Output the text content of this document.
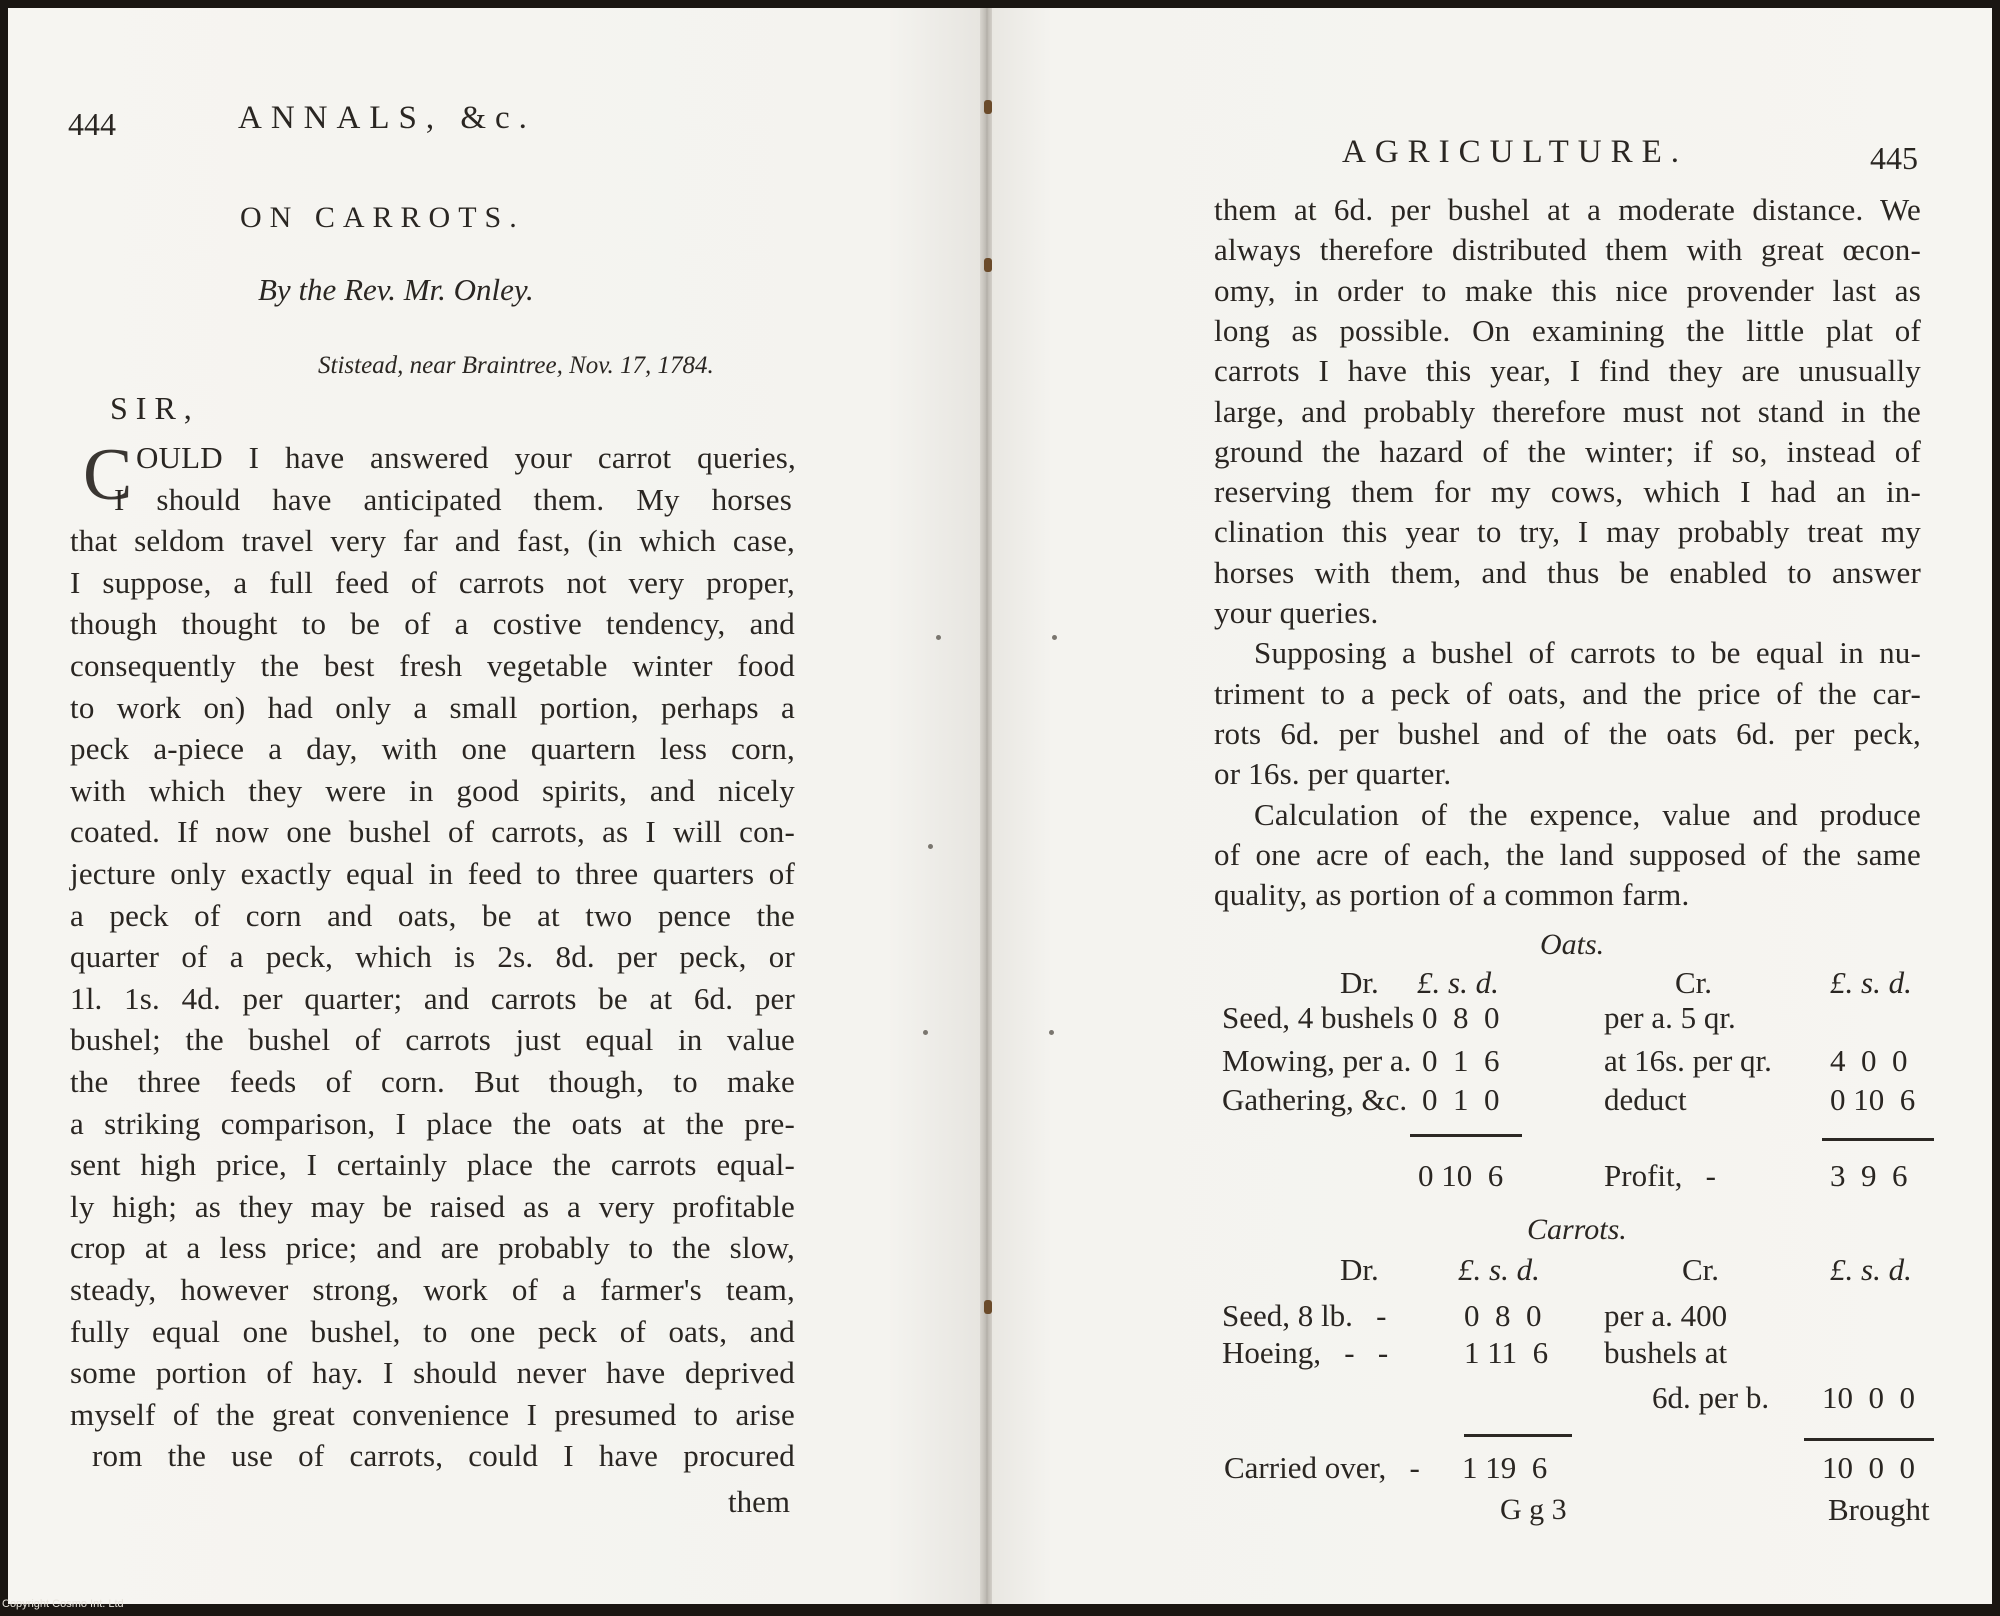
444	ANNALS, &c.
ON CARROTS.
By the Rev. Mr. Onley.
Stistead, near Braintree, Nov. 17, 1784.
SIR,
C OULD I have answered your carrot queries,
I should have anticipated them. My horses
that seldom travel very far and fast, (in which case,
I suppose, a full feed of carrots not very proper,
though thought to be of a costive tendency, and
consequently the best fresh vegetable winter food
to work on) had only a small portion, perhaps a
peck a-piece a day, with one quartern less corn,
with which they were in good spirits, and nicely
coated. If now one bushel of carrots, as I will con-
jecture only exactly equal in feed to three quarters of
a peck of corn and oats, be at two pence the
quarter of a peck, which is 2s. 8d. per peck, or
1l. 1s. 4d. per quarter; and carrots be at 6d. per
bushel; the bushel of carrots just equal in value
the three feeds of corn. But though, to make
a striking comparison, I place the oats at the pre-
sent high price, I certainly place the carrots equal-
ly high; as they may be raised as a very profitable
crop at a less price; and are probably to the slow,
steady, however strong, work of a farmer's team,
fully equal one bushel, to one peck of oats, and
some portion of hay. I should never have deprived
myself of the great convenience I presumed to arise
rom the use of carrots, could I have procured
them
AGRICULTURE.	445
them at 6d. per bushel at a moderate distance. We
always therefore distributed them with great œcon-
omy, in order to make this nice provender last as
long as possible. On examining the little plat of
carrots I have this year, I find they are unusually
large, and probably therefore must not stand in the
ground the hazard of the winter; if so, instead of
reserving them for my cows, which I had an in-
clination this year to try, I may probably treat my
horses with them, and thus be enabled to answer
your queries.
Supposing a bushel of carrots to be equal in nu-
triment to a peck of oats, and the price of the car-
rots 6d. per bushel and of the oats 6d. per peck,
or 16s. per quarter.
Calculation of the expence, value and produce
of one acre of each, the land supposed of the same
quality, as portion of a common farm.
Oats.
Dr. £. s. d.	Cr.	£. s. d.
Seed, 4 bushels 0  8  0	per a. 5 qr.
Mowing, per a. 0  1  6	at 16s. per qr. 4  0  0
Gathering, &c. 0  1  0	deduct	0 10  6
0 10  6	Profit,   -	3  9  6
Carrots.
Dr.	£. s. d.	Cr.	£. s. d.
Seed, 8 lb.   -	0  8  0 per a. 400
Hoeing,   -   - 1 11  6 bushels at
6d. per b. 10  0  0
Carried over,   - 1 19  6	10  0  0
G g 3	Brought
Copyright Cosmo Int. Ltd
